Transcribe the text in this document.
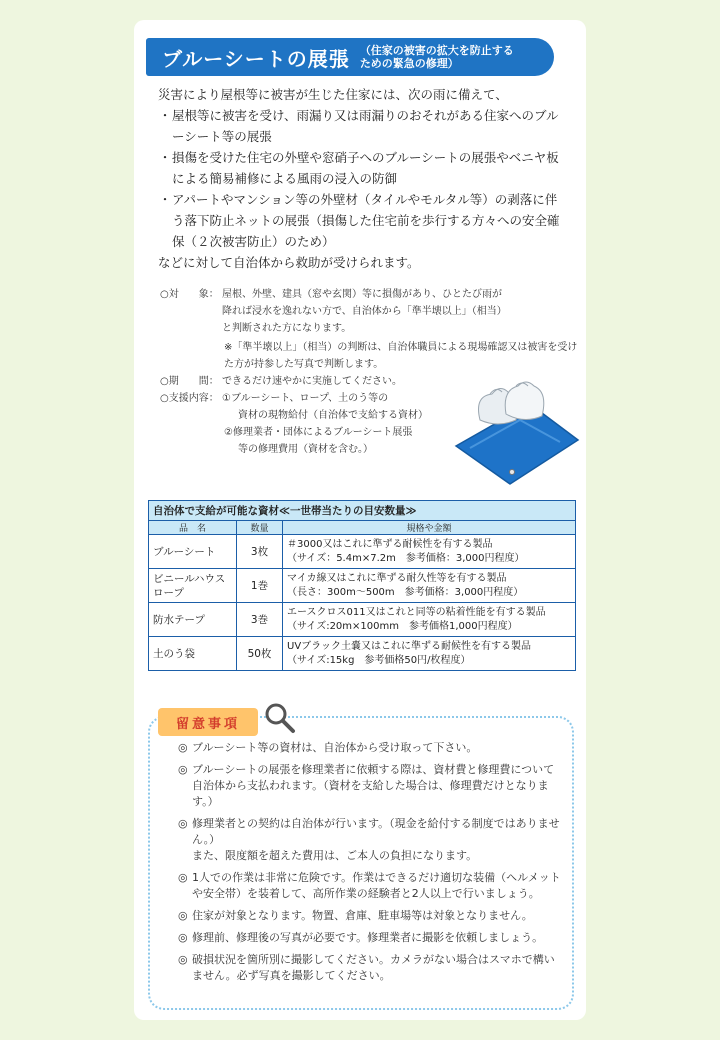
ブルーシートの展張 （住家の被害の拡大を防止する
ための緊急の修理）
災害により屋根等に被害が生じた住家には、次の雨に備えて、
・ 屋根等に被害を受け、雨漏り又は雨漏りのおそれがある住家へのブルーシート等の展張
・ 損傷を受けた住宅の外壁や窓硝子へのブルーシートの展張やベニヤ板による簡易補修による風雨の浸入の防御
・ アパートやマンション等の外壁材（タイルやモルタル等）の剥落に伴う落下防止ネットの展張（損傷した住宅前を歩行する方々への安全確保（２次被害防止）のため）
などに対して自治体から救助が受けられます。
○対　　象： 屋根、外壁、建具（窓や玄関）等に損傷があり、ひとたび雨が降れば浸水を逸れない方で、自治体から「準半壊以上」（相当）と判断された方になります。
※「準半壊以上」（相当）の判断は、自治体職員による現場確認又は被害を受けた方が持参した写真で判断します。
○期　　間： できるだけ速やかに実施してください。
○支援内容： ①ブルーシート、ロープ、土のう等の
資材の現物給付（自治体で支給する資材）
②修理業者・団体によるブルーシート展張
等の修理費用（資材を含む。）
自治体で支給が可能な資材≪一世帯当たりの目安数量≫		
品　名	数量	規格や金額
ブルーシート	3枚	＃3000又はこれに準ずる耐候性を有する製品
（サイズ：5.4m×7.2m　参考価格：3,000円程度）
ビニールハウスロープ	1巻	マイカ線又はこれに準ずる耐久性等を有する製品
（長さ：300m～500m　参考価格：3,000円程度）
防水テープ	3巻	エースクロス011又はこれと同等の粘着性能を有する製品
（サイズ:20m×100mm　参考価格1,000円程度）
土のう袋	50枚	UVブラック土嚢又はこれに準ずる耐候性を有する製品
（サイズ:15kg　参考価格50円/枚程度）
留意事項
◎ ブルーシート等の資材は、自治体から受け取って下さい。
◎ ブルーシートの展張を修理業者に依頼する際は、資材費と修理費について自治体から支払われます。（資材を支給した場合は、修理費だけとなります。）
◎ 修理業者との契約は自治体が行います。（現金を給付する制度ではありません。）
また、限度額を超えた費用は、ご本人の負担になります。
◎ 1人での作業は非常に危険です。作業はできるだけ適切な装備（ヘルメットや安全帯）を装着して、高所作業の経験者と2人以上で行いましょう。
◎ 住家が対象となります。物置、倉庫、駐車場等は対象となりません。
◎ 修理前、修理後の写真が必要です。修理業者に撮影を依頼しましょう。
◎ 破損状況を箇所別に撮影してください。カメラがない場合はスマホで構いません。必ず写真を撮影してください。
